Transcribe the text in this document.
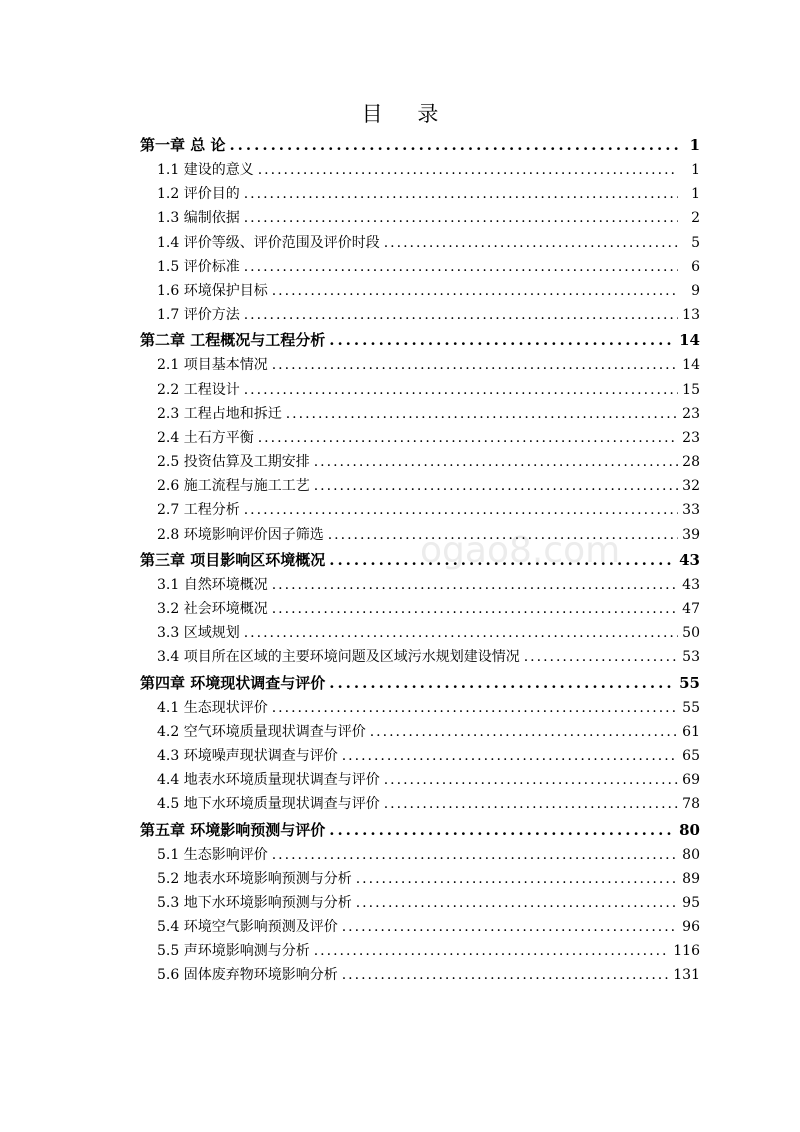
目 录
ogao8.com
第一章 总 论 .....	1
1.1 建设的意义 .....	1
1.2 评价目的 .....	1
1.3 编制依据 .....	2
1.4 评价等级、评价范围及评价时段 .....	5
1.5 评价标准 .....	6
1.6 环境保护目标 .....	9
1.7 评价方法 .....	13
第二章 工程概况与工程分析 .....	14
2.1 项目基本情况 .....	14
2.2 工程设计 .....	15
2.3 工程占地和拆迁 .....	23
2.4 土石方平衡 .....	23
2.5 投资估算及工期安排 .....	28
2.6 施工流程与施工工艺 .....	32
2.7 工程分析 .....	33
2.8 环境影响评价因子筛选 .....	39
第三章 项目影响区环境概况 .....	43
3.1 自然环境概况 .....	43
3.2 社会环境概况 .....	47
3.3 区域规划 .....	50
3.4 项目所在区域的主要环境问题及区域污水规划建设情况 .....	53
第四章 环境现状调查与评价 .....	55
4.1 生态现状评价 .....	55
4.2 空气环境质量现状调查与评价 .....	61
4.3 环境噪声现状调查与评价 .....	65
4.4 地表水环境质量现状调查与评价 .....	69
4.5 地下水环境质量现状调查与评价 .....	78
第五章 环境影响预测与评价 .....	80
5.1 生态影响评价 .....	80
5.2 地表水环境影响预测与分析 .....	89
5.3 地下水环境影响预测与分析 .....	95
5.4 环境空气影响预测及评价 .....	96
5.5 声环境影响测与分析 .....	116
5.6 固体废弃物环境影响分析 .....	131
